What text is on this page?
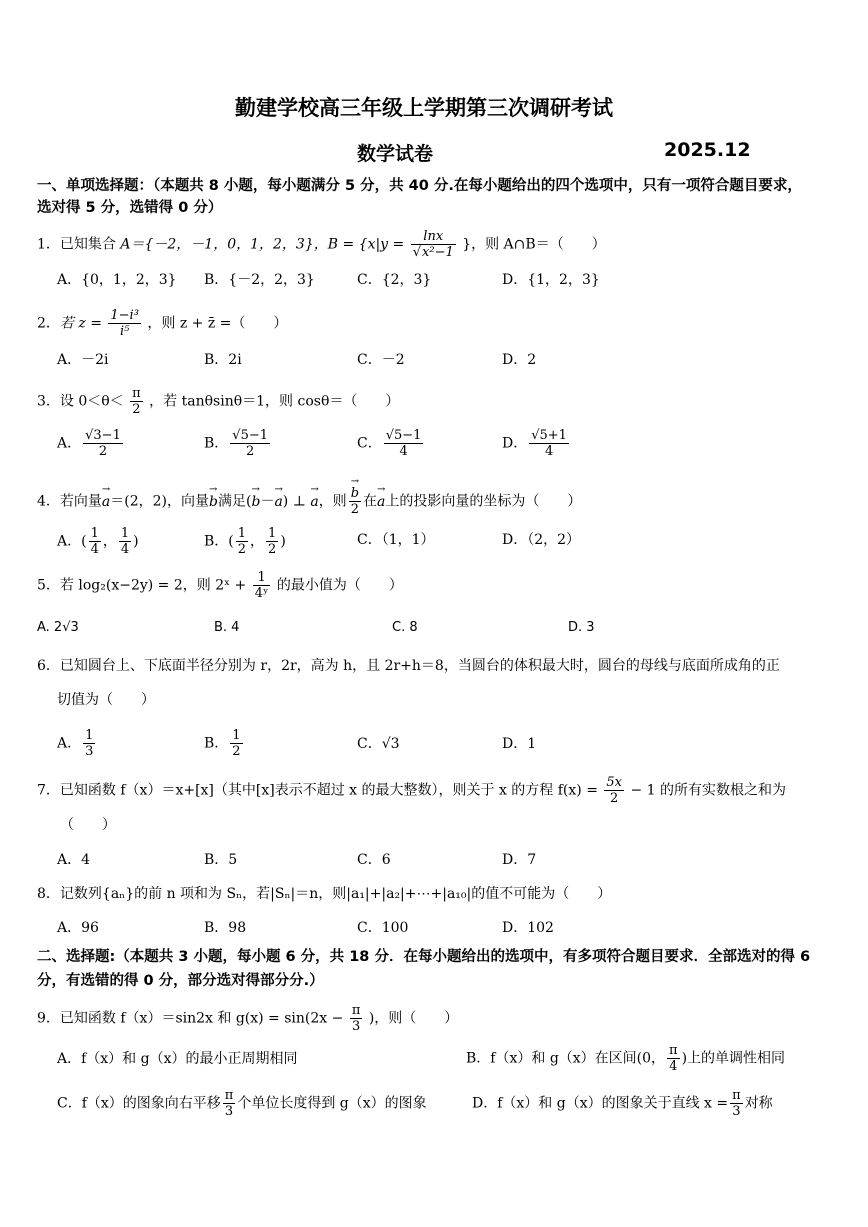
勤建学校高三年级上学期第三次调研考试
数学试卷	2025.12
一、单项选择题：（本题共 8 小题，每小题满分 5 分，共 40 分.在每小题给出的四个选项中，只有一项符合题目要求，
选对得 5 分，选错得 0 分）
1．已知集合 A＝{－2，－1，0，1，2，3}，$B = \{x|y = \frac{\ln x}{\text{√x²−1}}$ }，则 A∩B＝（　　）
A．{0，1，2，3} B．{－2，2，3}	C．{2，3}	D．{1，2，3}
2．若 $z = \frac{\text{1−i³}}{\text{i⁵}}$ ，则 z + z̄ =（　　）
A．－2i	B．2i	C．－2	D．2
3．设 $0<\theta< \frac{\pi}{2}$ ，若 tanθsinθ＝1，则 cosθ＝（　　）
A． $\frac{√3-1}{2}$	B． $\frac{√5-1}{2}$	C． $\frac{√5-1}{4}$	D． $\frac{√5+1}{4}$
4．若向量→ a＝(2，2)，向量→ b满足(→ b－→ a) ⊥ → a，则 → $\frac{b}{2}$ 在→ a上的投影向量的坐标为（　　）
A．( $\frac{1}{4}$ ， $\frac{1}{4}$ )	B．( $\frac{1}{2}$ ， $\frac{1}{2}$ )	C．（1，1）	D．（2，2）
5．若 log₂(x−2y) = 2，则 2ˣ + $\frac{1}{\text{4ʸ}}$ 的最小值为（　　）
A. 2√3	B. 4	C. 8	D. 3
6．已知圆台上、下底面半径分别为 r，2r，高为 h，且 2r+h＝8，当圆台的体积最大时，圆台的母线与底面所成角的正
切值为（　　）
A． $\frac{1}{3}$	B． $\frac{1}{2}$	C．√3	D．1
7．已知函数 f（x）＝x+[x]（其中[x]表示不超过 x 的最大整数），则关于 x 的方程 $f(x) = \frac{5x}{2} - 1$ 的所有实数根之和为
（　　）
A．4	B．5	C．6	D．7
8．记数列{aₙ}的前 n 项和为 Sₙ，若|Sₙ|＝n，则|a₁|+|a₂|+⋯+|a₁₀|的值不可能为（　　）
A．96	B．98	C．100	D．102
二、选择题:（本题共 3 小题，每小题 6 分，共 18 分．在每小题给出的选项中，有多项符合题目要求．全部选对的得 6
分，有选错的得 0 分，部分选对得部分分.）
9．已知函数 f（x）＝sin2x 和 $g(x) = \sin(2x - \frac{\pi}{3}$ )，则（　　）
A．f（x）和 g（x）的最小正周期相同	B．f（x）和 g（x）在区间(0， $\frac{\pi}{4}$ )上的单调性相同
C．f（x）的图象向右平移 $\frac{\pi}{3}$ 个单位长度得到 g（x）的图象	D．f（x）和 g（x）的图象关于直线 $x = \frac{\pi}{3}$ 对称
